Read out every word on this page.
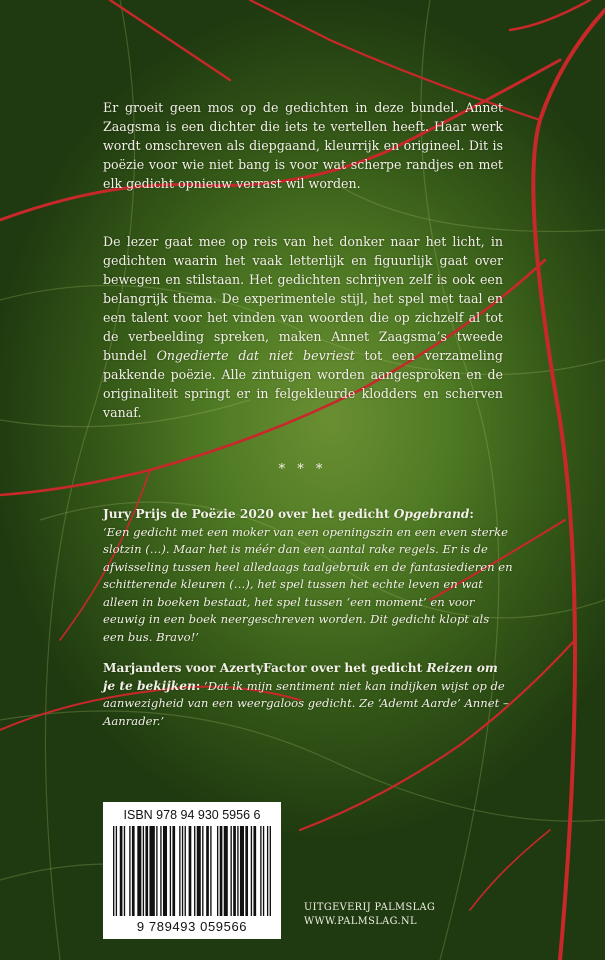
Er groeit geen mos op de gedichten in deze bundel. Annet Zaagsma is een dichter die iets te vertellen heeft. Haar werk wordt omschreven als diepgaand, kleurrijk en origineel. Dit is poëzie voor wie niet bang is voor wat scherpe randjes en met elk gedicht opnieuw verrast wil worden.

De lezer gaat mee op reis van het donker naar het licht, in gedichten waarin het vaak letterlijk en figuurlijk gaat over bewegen en stilstaan. Het gedichten schrijven zelf is ook een belangrijk thema. De experimentele stijl, het spel met taal en een talent voor het vinden van woorden die op zichzelf al tot de verbeelding spreken, maken Annet Zaagsma’s tweede bundel Ongedierte dat niet bevriest tot een verzameling pakkende poëzie. Alle zintuigen worden aangesproken en de originaliteit springt er in felgekleurde klodders en scherven vanaf.

* * *
Jury Prijs de Poëzie 2020 over het gedicht Opgebrand:
‘Een gedicht met een moker van een openingszin en een even sterke slotzin (…). Maar het is méér dan een aantal rake regels. Er is de afwisseling tussen heel alledaags taalgebruik en de fantasiedieren en schitterende kleuren (…), het spel tussen het echte leven en wat alleen in boeken bestaat, het spel tussen ‘een moment’ en voor eeuwig in een boek neergeschreven worden. Dit gedicht klopt als een bus. Bravo!’
Marjanders voor AzertyFactor over het gedicht Reizen om je te bekijken: ‘Dat ik mijn sentiment niet kan indijken wijst op de aanwezigheid van een weergaloos gedicht. Ze ‘Ademt Aarde’ Annet – Aanrader.’
ISBN 978 94 930 5956 6
9 789493 059566
UITGEVERIJ PALMSLAG
WWW.PALMSLAG.NL
